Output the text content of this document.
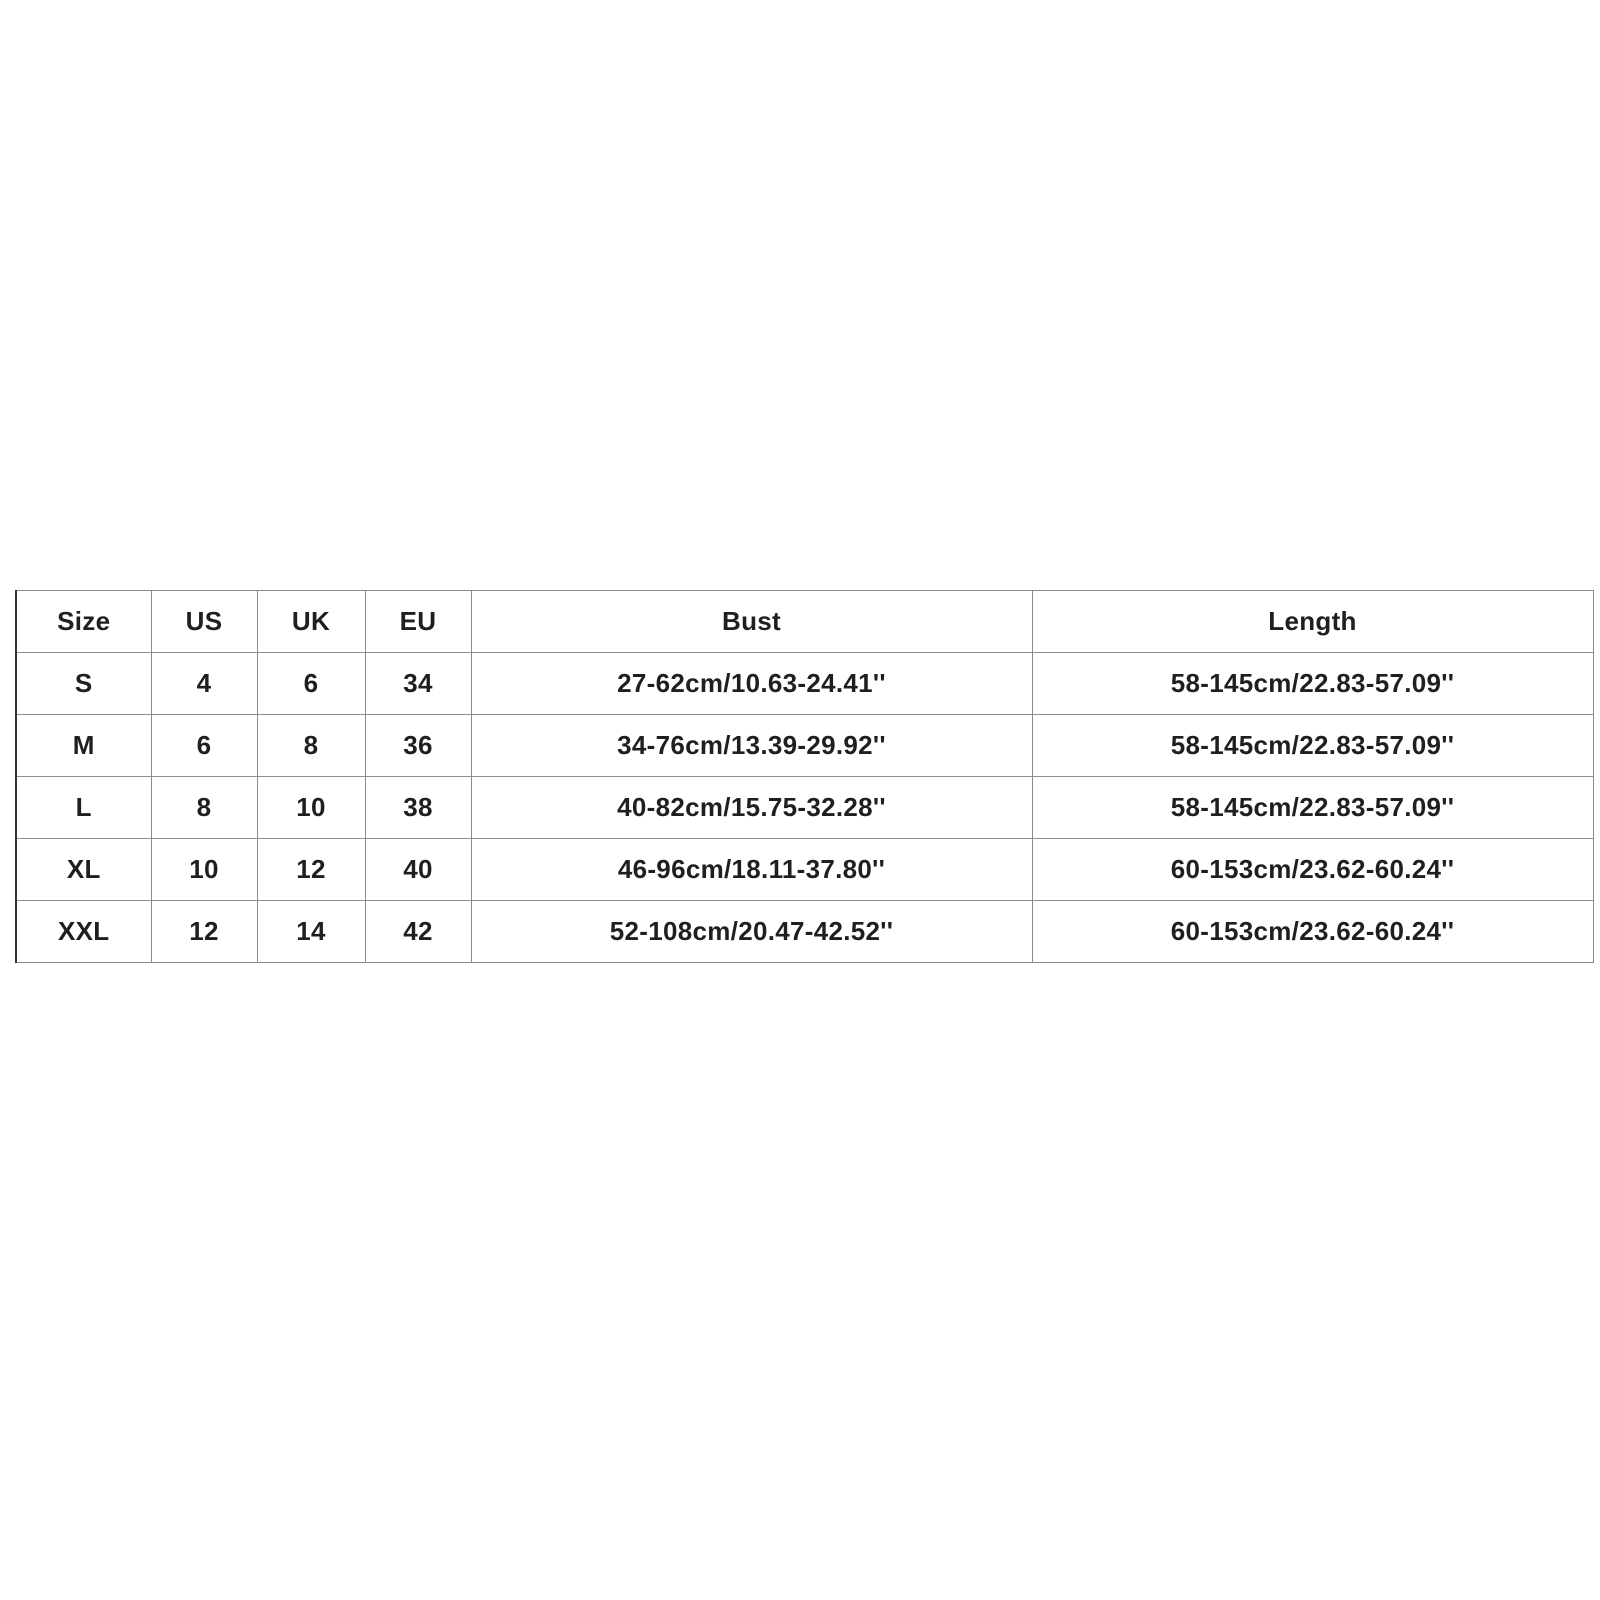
Size	US	UK	EU	Bust	Length
S	4	6	34	27-62cm/10.63-24.41''	58-145cm/22.83-57.09''
M	6	8	36	34-76cm/13.39-29.92''	58-145cm/22.83-57.09''
L	8	10	38	40-82cm/15.75-32.28''	58-145cm/22.83-57.09''
XL	10	12	40	46-96cm/18.11-37.80''	60-153cm/23.62-60.24''
XXL	12	14	42	52-108cm/20.47-42.52''	60-153cm/23.62-60.24''
